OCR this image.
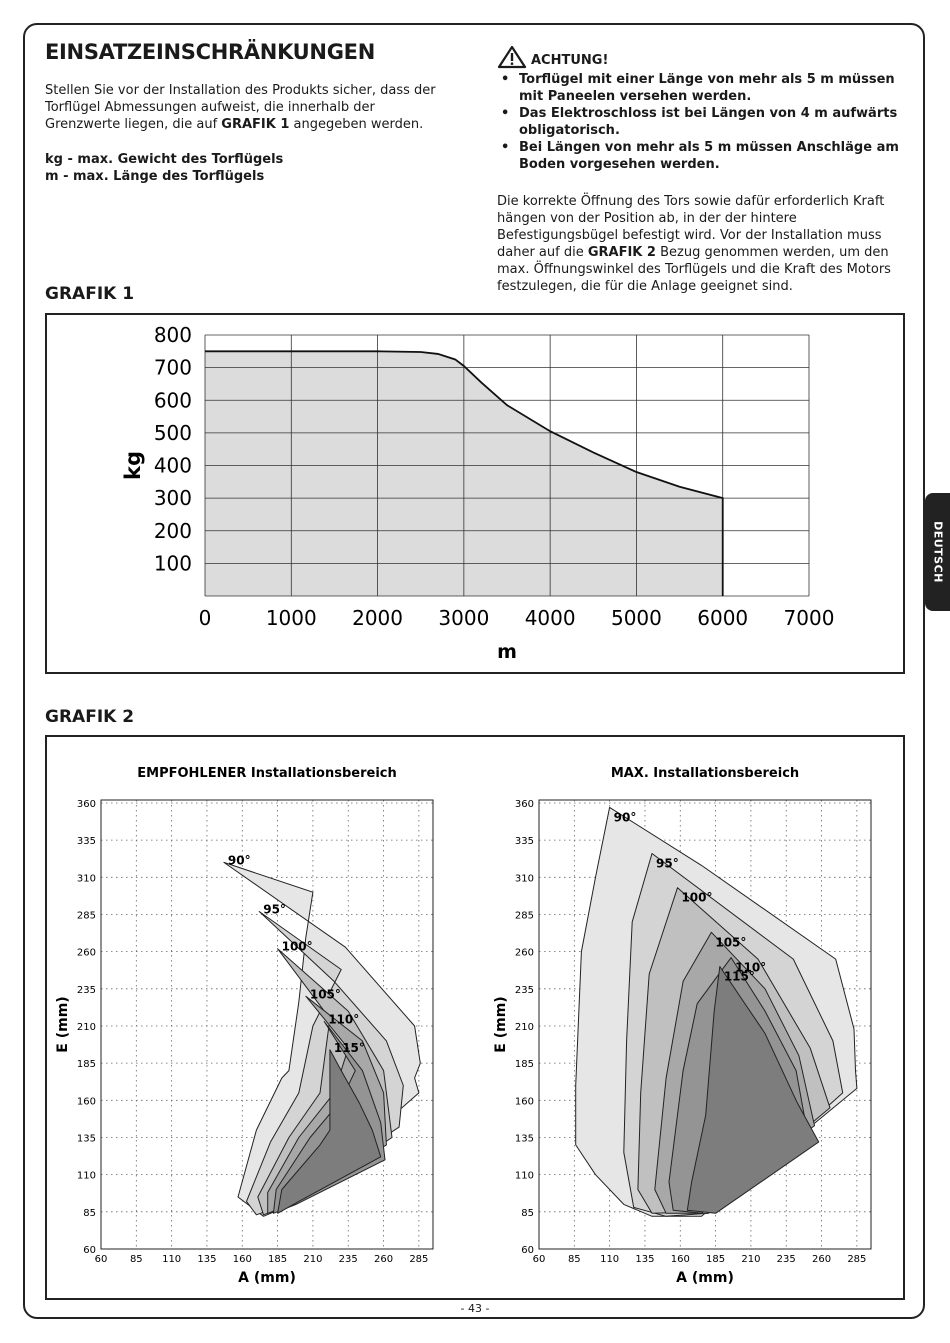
DEUTSCH
EINSATZEINSCHRÄNKUNGEN

Stellen Sie vor der Installation des Produkts sicher, dass der Torflügel Abmessungen aufweist, die innerhalb der Grenzwerte liegen, die auf GRAFIK 1 angegeben werden.

kg - max. Gewicht des Torflügels
m - max. Länge des Torflügels
ACHTUNG!
• Torflügel mit einer Länge von mehr als 5 m müssen mit Paneelen versehen werden.
• Das Elektroschloss ist bei Längen von 4 m aufwärts obligatorisch.
• Bei Längen von mehr als 5 m müssen Anschläge am Boden vorgesehen werden.

Die korrekte Öffnung des Tors sowie dafür erforderlich Kraft hängen von der Position ab, in der der hintere Befestigungsbügel befestigt wird. Vor der Installation muss daher auf die GRAFIK 2 Bezug genommen werden, um den max. Öffnungswinkel des Torflügels und die Kraft des Motors festzulegen, die für die Anlage geeignet sind.

GRAFIK 1
0	1000 2000 3000 4000 5000 6000 7000
100
200
300
400
500
600
700
800
m
kg
GRAFIK 2
EMPFOHLENER Installationsbereich
90°
95°
100°
105°
110°
115°
60 85 110 135 160 185 210 235 260 285
60
85
110
135
160
185
210
235
260
285
310
335
360
A (mm)
E (mm)
MAX. Installationsbereich
90°
95°
100°
105°
110°
115°
60 85 110 135 160 185 210 235 260 285
60
85
110
135
160
185
210
235
260
285
310
335
360
A (mm)
E (mm)
- 43 -
